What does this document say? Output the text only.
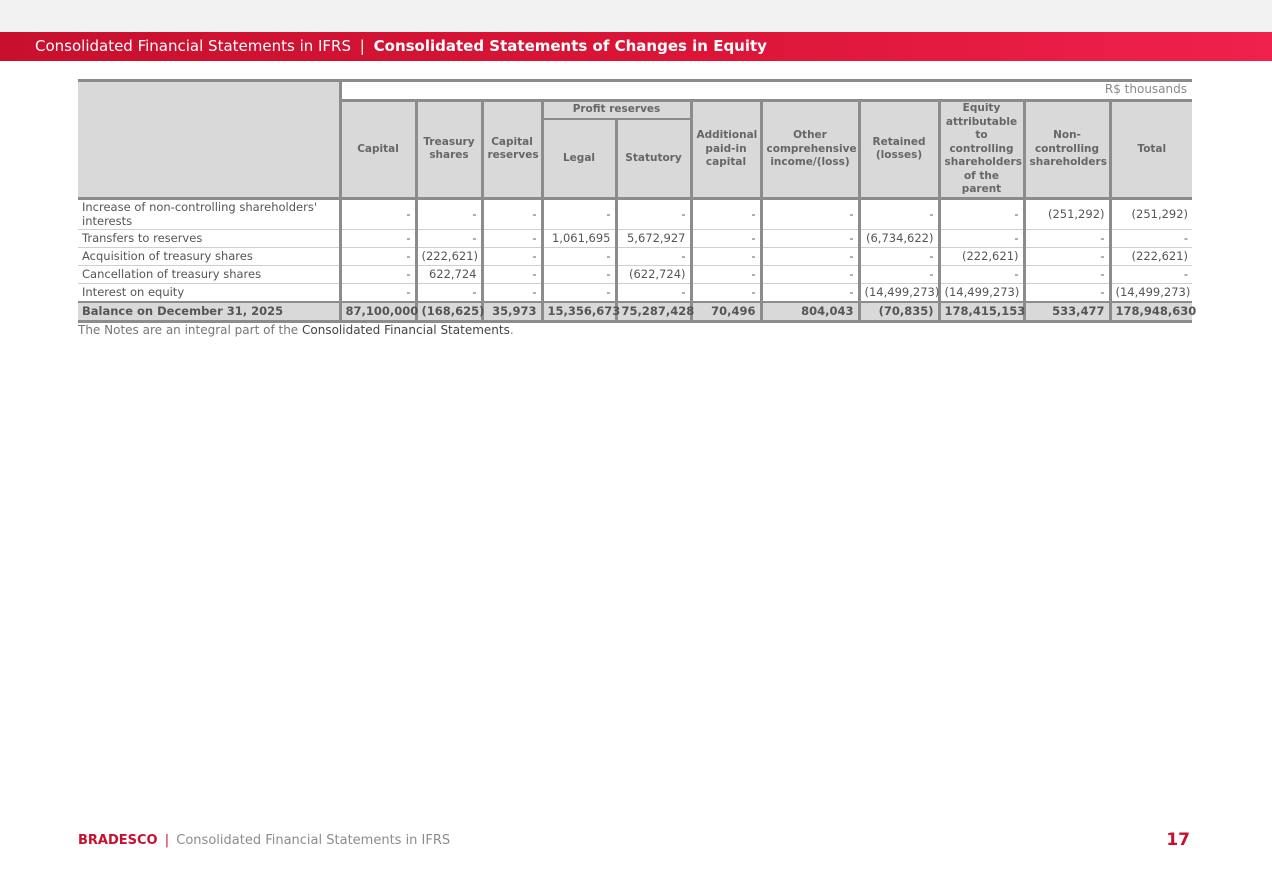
Consolidated Financial Statements in IFRS | Consolidated Statements of Changes in Equity
R$ thousands

	Capital	Treasury shares	Capital reserves	Profit reserves		Additional paid-in capital	Other comprehensive income/(loss)	Retained (losses)	Equity attributable to controlling shareholders of the parent	Non-controlling shareholders	Total
				Legal	Statutory						
Increase of non-controlling shareholders' interests	-	-	-	-	-	-	-	-	-	(251,292)	(251,292)
Transfers to reserves	-	-	-	1,061,695	5,672,927	-	-	(6,734,622)	-	-	-
Acquisition of treasury shares	-	(222,621)	-	-	-	-	-	-	(222,621)	-	(222,621)
Cancellation of treasury shares	-	622,724	-	-	(622,724)	-	-	-	-	-	-
Interest on equity	-	-	-	-	-	-	-	(14,499,273)	(14,499,273)	-	(14,499,273)
Balance on December 31, 2025	87,100,000	(168,625)	35,973	15,356,673	75,287,428	70,496	804,043	(70,835)	178,415,153	533,477	178,948,630
The Notes are an integral part of the Consolidated Financial Statements.
BRADESCO | Consolidated Financial Statements in IFRS	17
